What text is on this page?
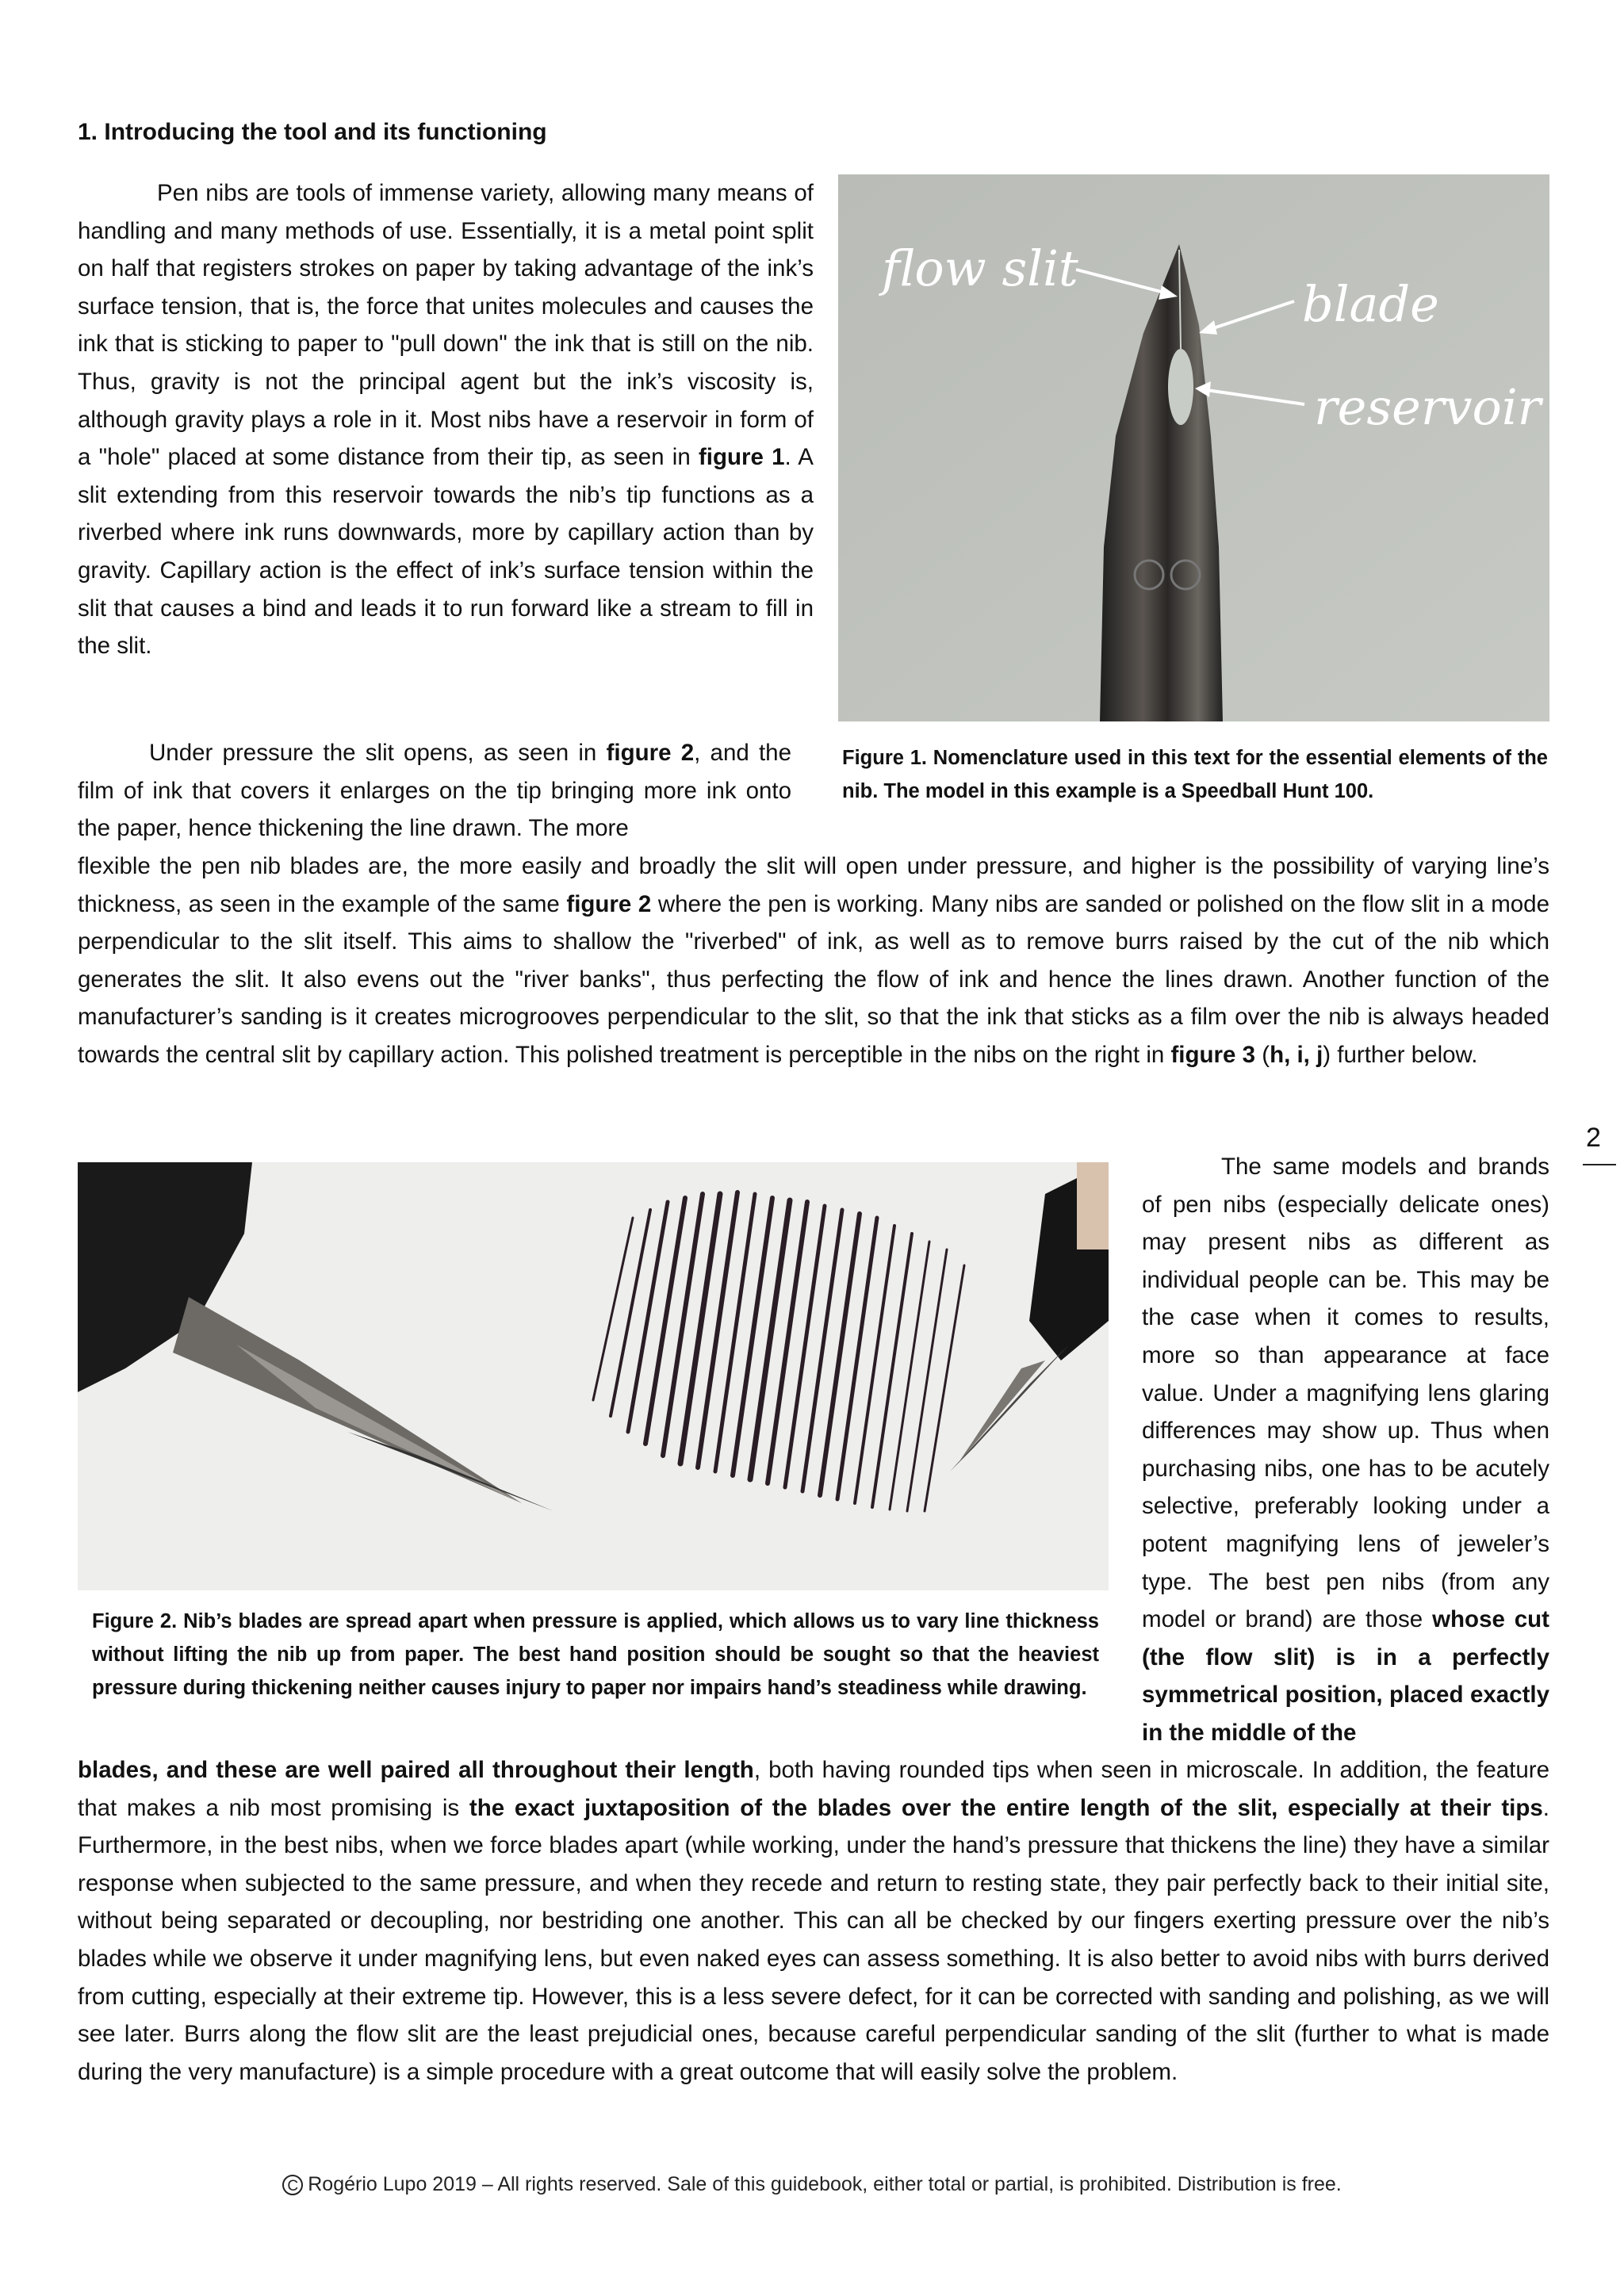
1. Introducing the tool and its functioning

Pen nibs are tools of immense variety, allowing many means of handling and many methods of use. Essentially, it is a metal point split on half that registers strokes on paper by taking advantage of the ink’s surface tension, that is, the force that unites molecules and causes the ink that is sticking to paper to "pull down" the ink that is still on the nib. Thus, gravity is not the principal agent but the ink’s viscosity is, although gravity plays a role in it. Most nibs have a reservoir in form of a "hole" placed at some distance from their tip, as seen in figure 1. A slit extending from this reservoir towards the nib’s tip functions as a riverbed where ink runs downwards, more by capillary action than by gravity. Capillary action is the effect of ink’s surface tension within the slit that causes a bind and leads it to run forward like a stream to fill in the slit.

flow slit
blade
reservoir
Figure 1. Nomenclature used in this text for the essential elements of the nib. The model in this example is a Speedball Hunt 100.

Under pressure the slit opens, as seen in figure 2, and the film of ink that covers it enlarges on the tip bringing more ink onto the paper, hence thickening the line drawn. The more

flexible the pen nib blades are, the more easily and broadly the slit will open under pressure, and higher is the possibility of varying line’s thickness, as seen in the example of the same figure 2 where the pen is working. Many nibs are sanded or polished on the flow slit in a mode perpendicular to the slit itself. This aims to shallow the "riverbed" of ink, as well as to remove burrs raised by the cut of the nib which generates the slit. It also evens out the "river banks", thus perfecting the flow of ink and hence the lines drawn. Another function of the manufacturer’s sanding is it creates microgrooves perpendicular to the slit, so that the ink that sticks as a film over the nib is always headed towards the central slit by capillary action. This polished treatment is perceptible in the nibs on the right in figure 3 (h, i, j) further below.

2
Figure 2. Nib’s blades are spread apart when pressure is applied, which allows us to vary line thickness without lifting the nib up from paper. The best hand position should be sought so that the heaviest pressure during thickening neither causes injury to paper nor impairs hand’s steadiness while drawing.

The same models and brands of pen nibs (especially delicate ones) may present nibs as different as individual people can be. This may be the case when it comes to results, more so than appearance at face value. Under a magnifying lens glaring differences may show up. Thus when purchasing nibs, one has to be acutely selective, preferably looking under a potent magnifying lens of jeweler’s type. The best pen nibs (from any model or brand) are those whose cut (the flow slit) is in a perfectly symmetrical position, placed exactly in the middle of the

blades, and these are well paired all throughout their length, both having rounded tips when seen in microscale. In addition, the feature that makes a nib most promising is the exact juxtaposition of the blades over the entire length of the slit, especially at their tips. Furthermore, in the best nibs, when we force blades apart (while working, under the hand’s pressure that thickens the line) they have a similar response when subjected to the same pressure, and when they recede and return to resting state, they pair perfectly back to their initial site, without being separated or decoupling, nor bestriding one another. This can all be checked by our fingers exerting pressure over the nib’s blades while we observe it under magnifying lens, but even naked eyes can assess something. It is also better to avoid nibs with burrs derived from cutting, especially at their extreme tip. However, this is a less severe defect, for it can be corrected with sanding and polishing, as we will see later. Burrs along the flow slit are the least prejudicial ones, because careful perpendicular sanding of the slit (further to what is made during the very manufacture) is a simple procedure with a great outcome that will easily solve the problem.

C Rogério Lupo 2019 – All rights reserved. Sale of this guidebook, either total or partial, is prohibited. Distribution is free.
